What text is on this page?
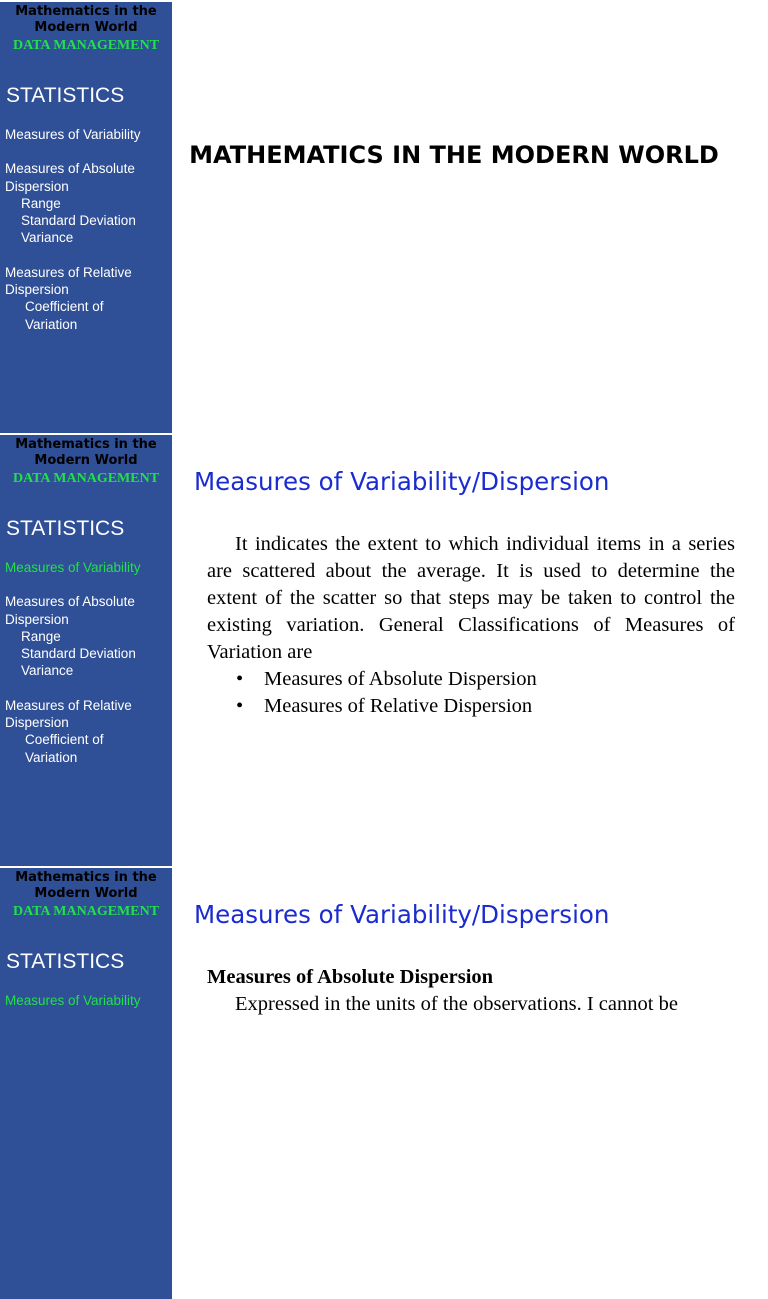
Mathematics in the Modern World
DATA MANAGEMENT
STATISTICS
Measures of Variability
Measures of Absolute
Dispersion
Range
Standard Deviation
Variance
Measures of Relative
Dispersion
Coefficient of
Variation
MATHEMATICS IN THE MODERN WORLD
Mathematics in the Modern World
DATA MANAGEMENT
STATISTICS
Measures of Variability
Measures of Absolute
Dispersion
Range
Standard Deviation
Variance
Measures of Relative
Dispersion
Coefficient of
Variation
Measures of Variability/Dispersion
It indicates the extent to which individual items in a series are scattered about the average. It is used to determine the extent of the scatter so that steps may be taken to control the existing variation. General Classifications of Measures of Variation are
• Measures of Absolute Dispersion
• Measures of Relative Dispersion
Mathematics in the Modern World
DATA MANAGEMENT
STATISTICS
Measures of Variability
Measures of Variability/Dispersion
Measures of Absolute Dispersion
Expressed in the units of the observations. I cannot be
